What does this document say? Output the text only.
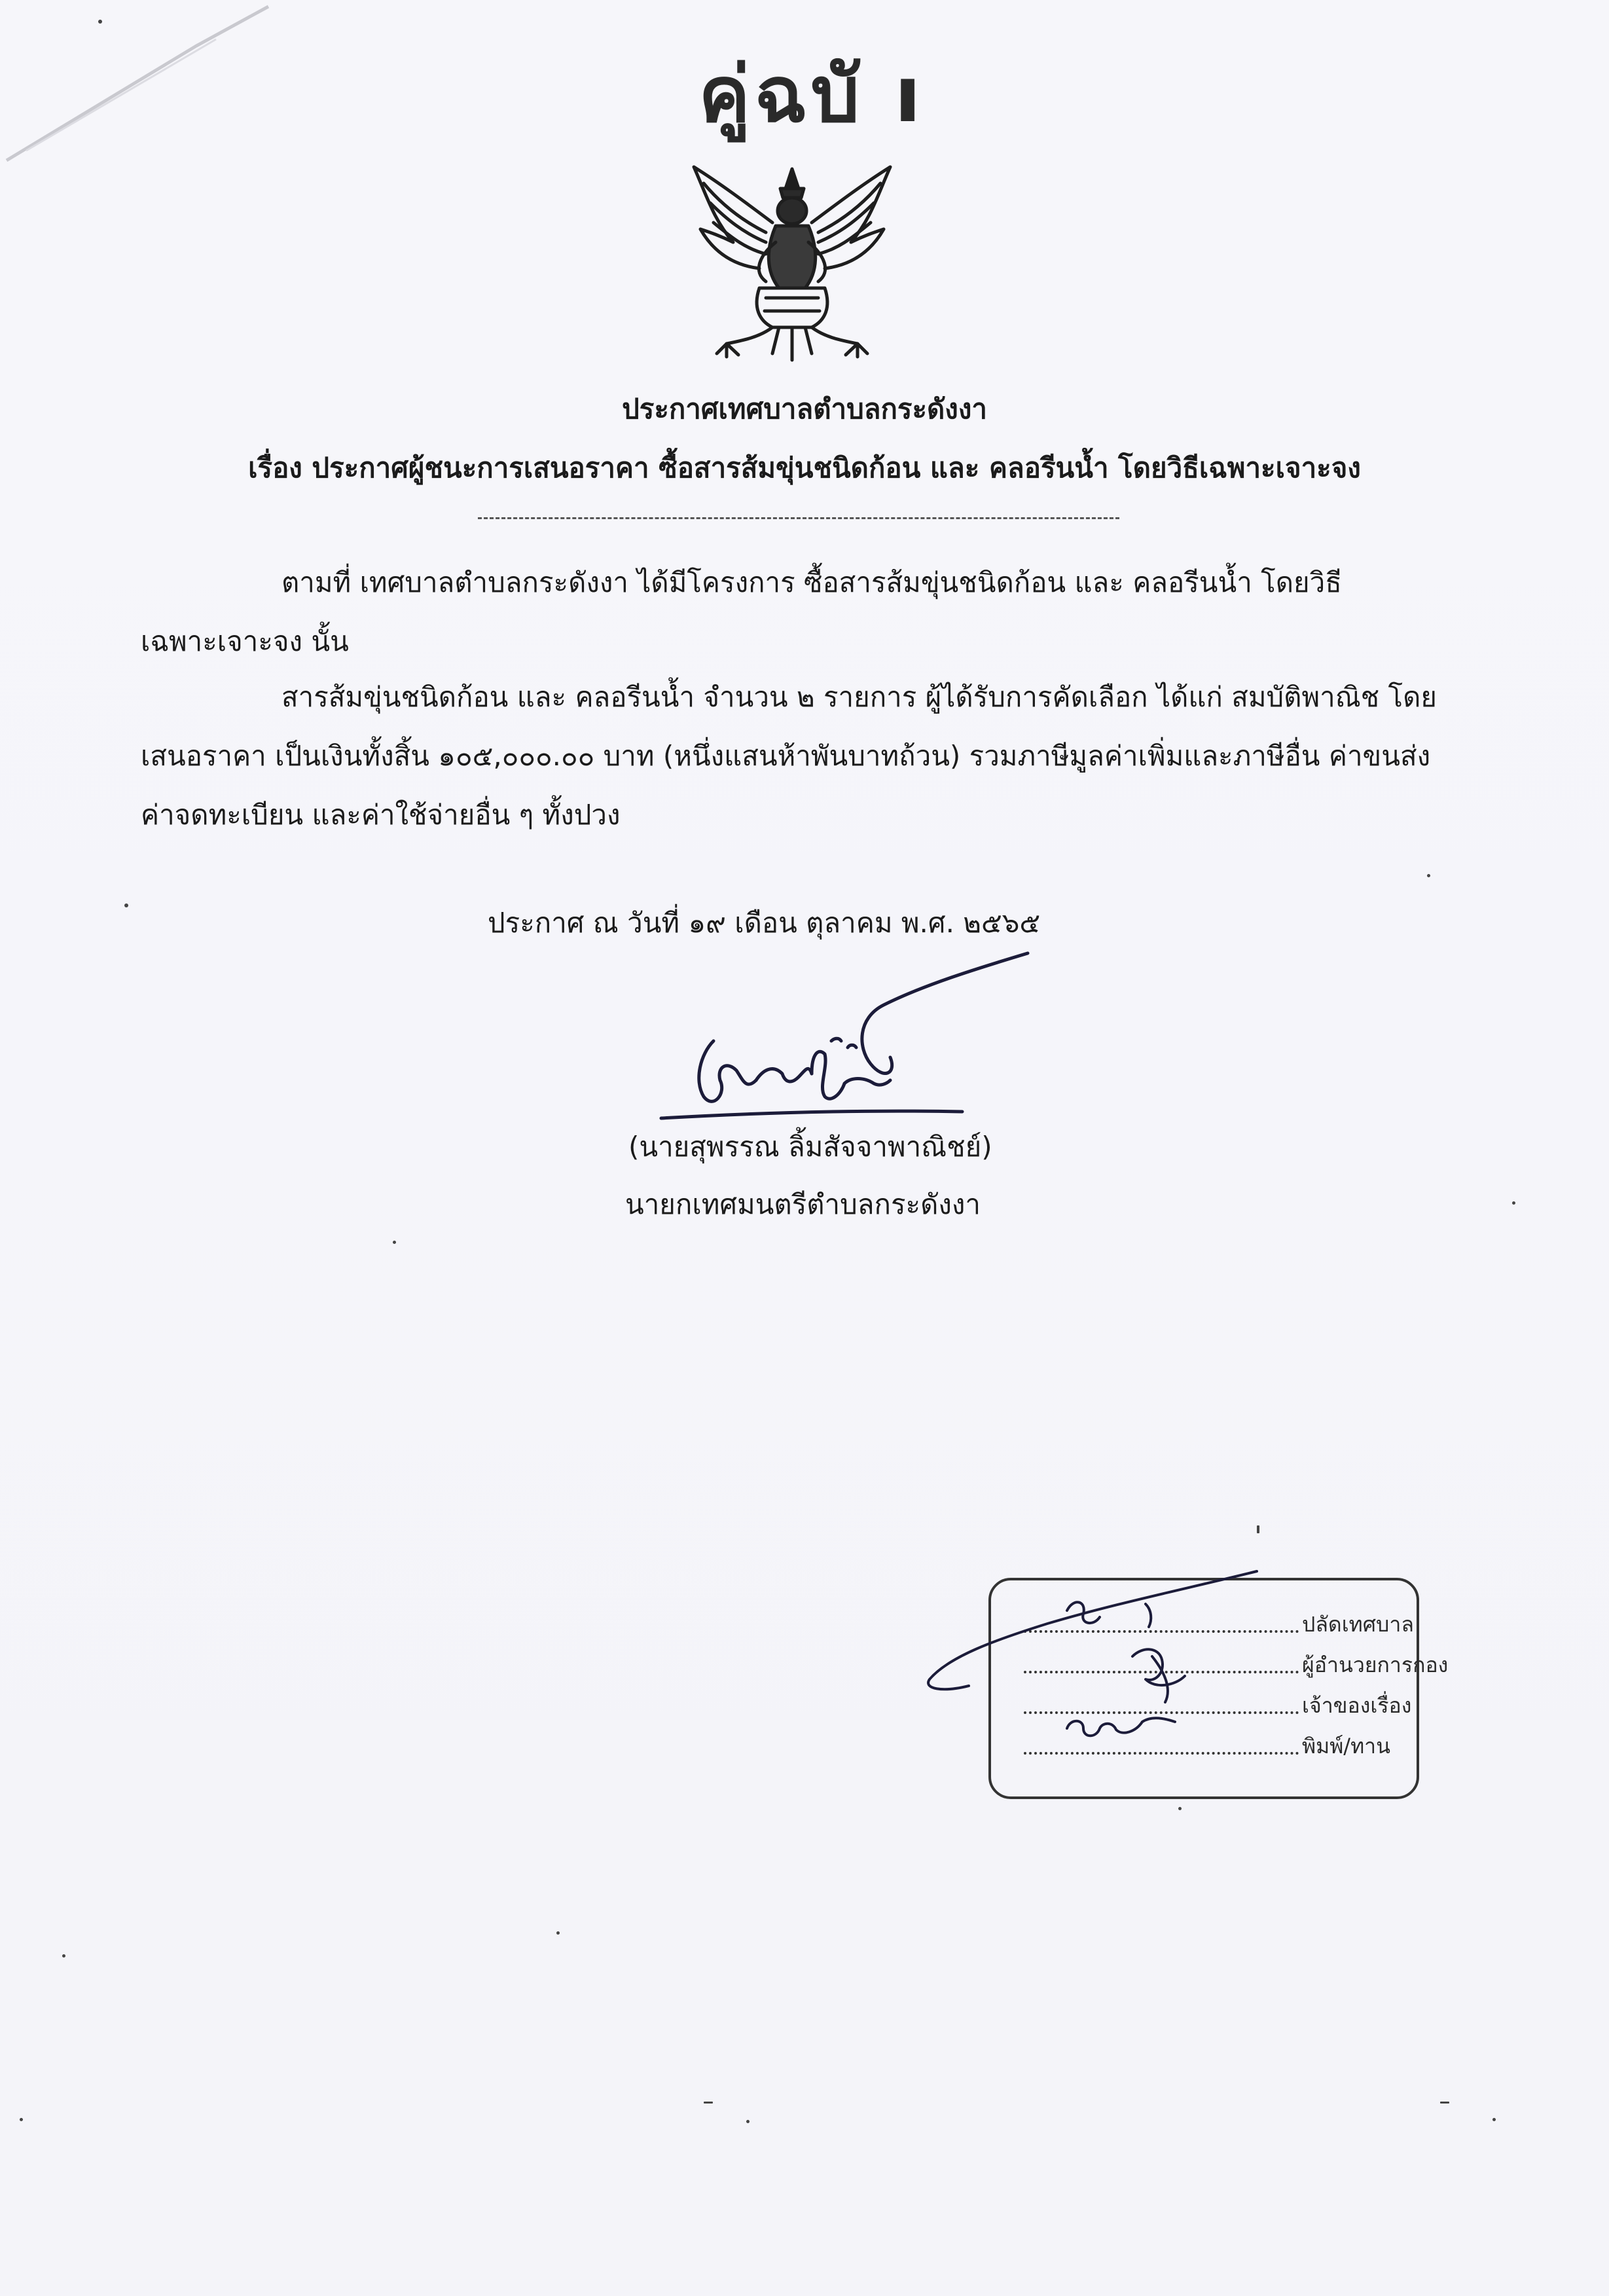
คู่ฉบั ı
ประกาศเทศบาลตำบลกระดังงา
เรื่อง ประกาศผู้ชนะการเสนอราคา ซื้อสารส้มขุ่นชนิดก้อน และ คลอรีนน้ำ โดยวิธีเฉพาะเจาะจง
ตามที่ เทศบาลตำบลกระดังงา ได้มีโครงการ ซื้อสารส้มขุ่นชนิดก้อน และ คลอรีนน้ำ โดยวิธี
เฉพาะเจาะจง นั้น
สารส้มขุ่นชนิดก้อน และ คลอรีนน้ำ จำนวน ๒ รายการ ผู้ได้รับการคัดเลือก ได้แก่ สมบัติพาณิช โดย
เสนอราคา เป็นเงินทั้งสิ้น ๑๐๕,๐๐๐.๐๐ บาท (หนึ่งแสนห้าพันบาทถ้วน) รวมภาษีมูลค่าเพิ่มและภาษีอื่น ค่าขนส่ง
ค่าจดทะเบียน และค่าใช้จ่ายอื่น ๆ ทั้งปวง
ประกาศ ณ วันที่ ๑๙ เดือน ตุลาคม พ.ศ. ๒๕๖๕
(นายสุพรรณ ลิ้มสัจจาพาณิชย์)
นายกเทศมนตรีตำบลกระดังงา
ปลัดเทศบาล
ผู้อำนวยการกอง
เจ้าของเรื่อง
พิมพ์/ทาน
